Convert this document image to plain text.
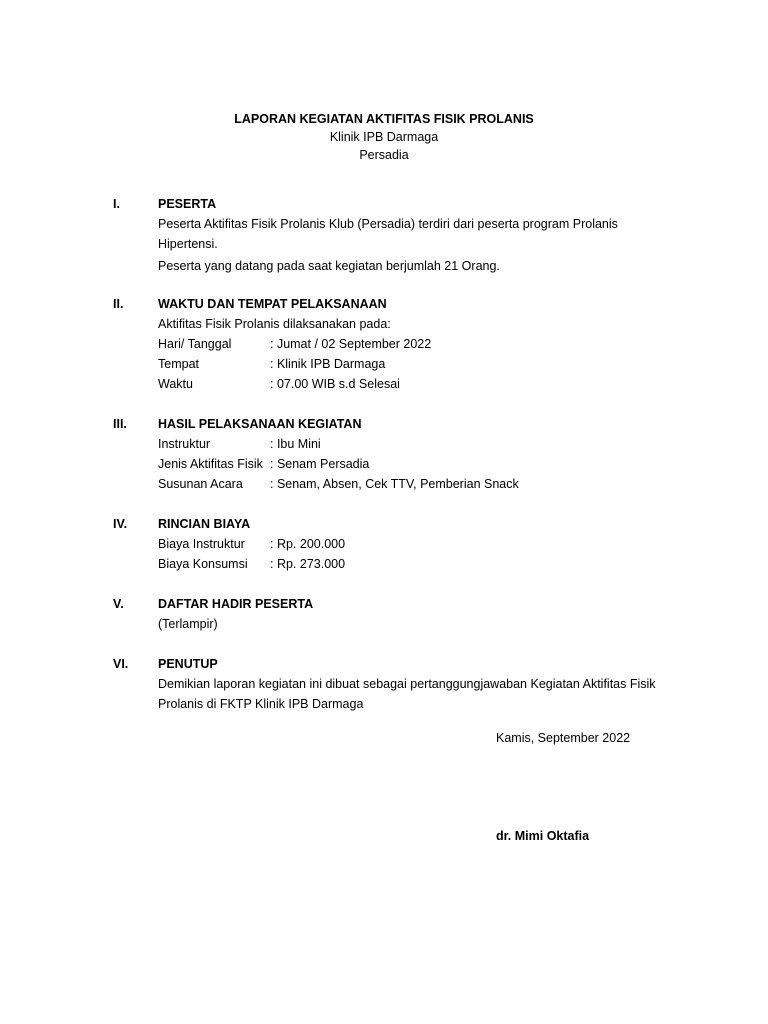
LAPORAN KEGIATAN AKTIFITAS FISIK PROLANIS
Klinik IPB Darmaga
Persadia
I.	PESERTA
Peserta Aktifitas Fisik Prolanis Klub (Persadia) terdiri dari peserta program Prolanis
Hipertensi.
Peserta yang datang pada saat kegiatan berjumlah 21 Orang.
II.	WAKTU DAN TEMPAT PELAKSANAAN
Aktifitas Fisik Prolanis dilaksanakan pada:
Hari/ Tanggal	: Jumat / 02 September 2022
Tempat	: Klinik IPB Darmaga
Waktu	: 07.00 WIB s.d Selesai
III. HASIL PELAKSANAAN KEGIATAN
Instruktur	: Ibu Mini
Jenis Aktifitas Fisik : Senam Persadia
Susunan Acara : Senam, Absen, Cek TTV, Pemberian Snack
IV. RINCIAN BIAYA
Biaya Instruktur : Rp. 200.000
Biaya Konsumsi : Rp. 273.000
V.	DAFTAR HADIR PESERTA
(Terlampir)
VI. PENUTUP
Demikian laporan kegiatan ini dibuat sebagai pertanggungjawaban Kegiatan Aktifitas Fisik
Prolanis di FKTP Klinik IPB Darmaga
Kamis, September 2022
dr. Mimi Oktafia
